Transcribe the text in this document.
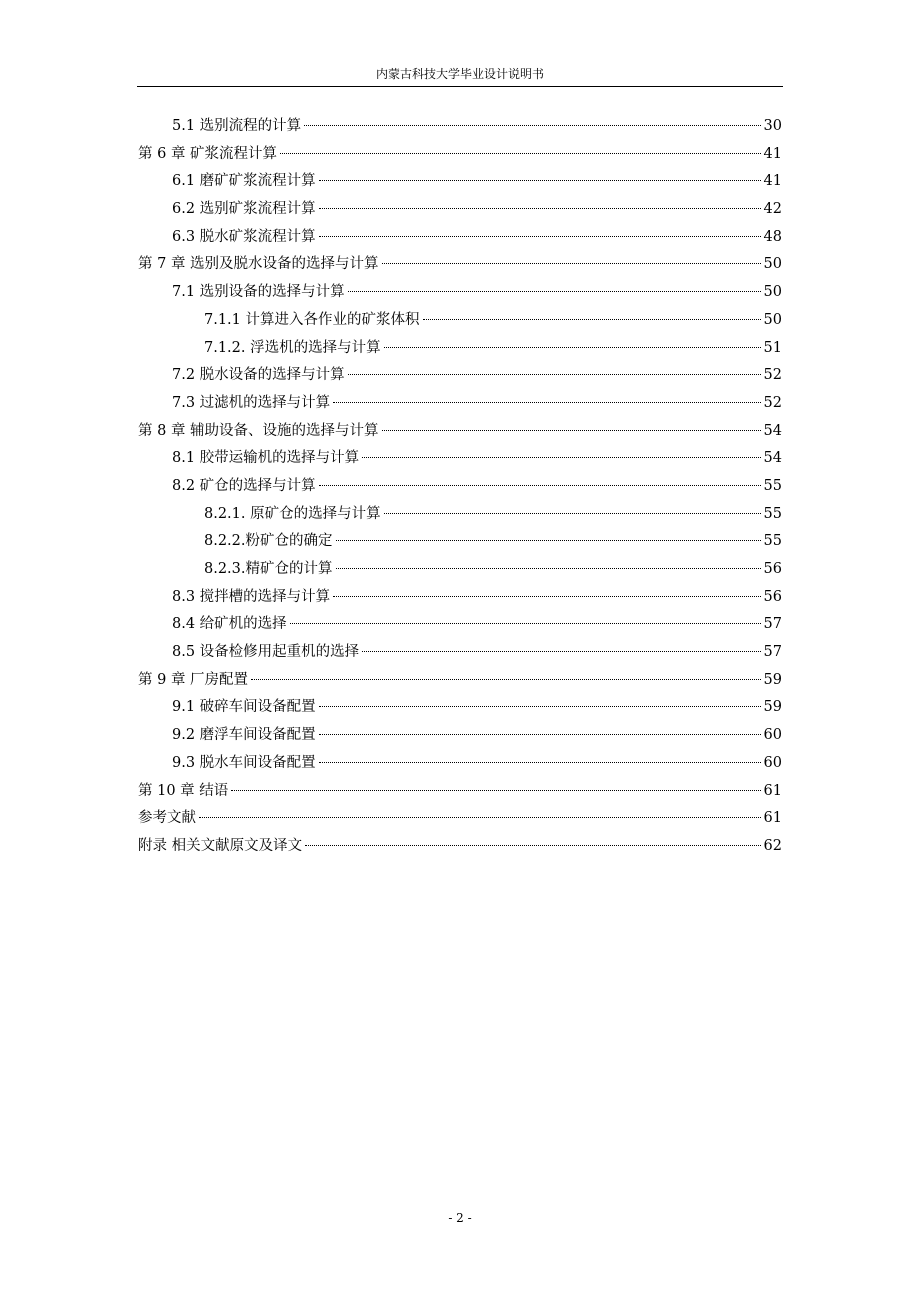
内蒙古科技大学毕业设计说明书
5.1 选别流程的计算	30
第 6 章 矿浆流程计算	41
6.1 磨矿矿浆流程计算	41
6.2 选别矿浆流程计算	42
6.3 脱水矿浆流程计算	48
第 7 章 选别及脱水设备的选择与计算	50
7.1 选别设备的选择与计算	50
7.1.1 计算进入各作业的矿浆体积	50
7.1.2. 浮选机的选择与计算	51
7.2 脱水设备的选择与计算	52
7.3 过滤机的选择与计算	52
第 8 章 辅助设备、设施的选择与计算	54
8.1 胶带运输机的选择与计算	54
8.2 矿仓的选择与计算	55
8.2.1. 原矿仓的选择与计算	55
8.2.2.粉矿仓的确定	55
8.2.3.精矿仓的计算	56
8.3 搅拌槽的选择与计算	56
8.4 给矿机的选择	57
8.5 设备检修用起重机的选择	57
第 9 章 厂房配置	59
9.1 破碎车间设备配置	59
9.2 磨浮车间设备配置	60
9.3 脱水车间设备配置	60
第 10 章 结语	61
参考文献	61
附录 相关文献原文及译文	62
- 2 -
